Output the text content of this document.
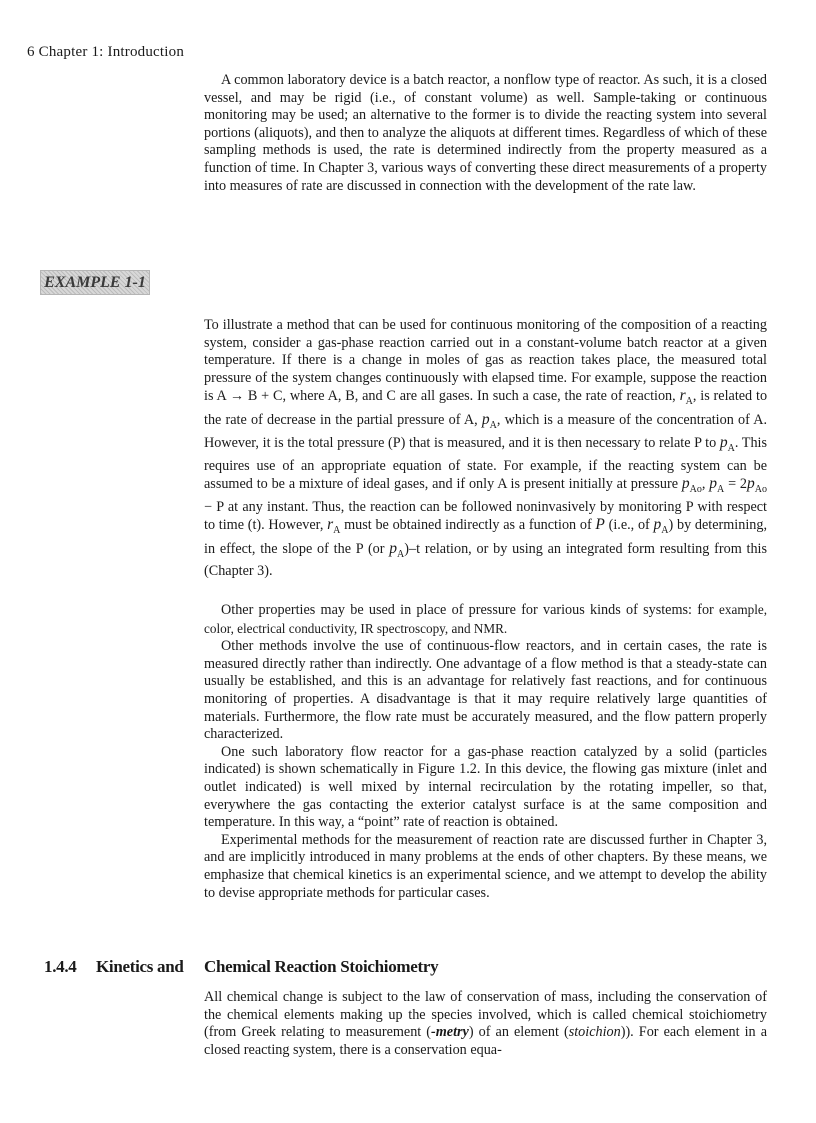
6 Chapter 1: Introduction

A common laboratory device is a batch reactor, a nonflow type of reactor. As such, it is a closed vessel, and may be rigid (i.e., of constant volume) as well. Sample-taking or continuous monitoring may be used; an alternative to the former is to divide the reacting system into several portions (aliquots), and then to analyze the aliquots at different times. Regardless of which of these sampling methods is used, the rate is determined indirectly from the property measured as a function of time. In Chapter 3, various ways of converting these direct measurements of a property into measures of rate are discussed in connection with the development of the rate law.

EXAMPLE 1-1

To illustrate a method that can be used for continuous monitoring of the composition of a reacting system, consider a gas-phase reaction carried out in a constant-volume batch reactor at a given temperature. If there is a change in moles of gas as reaction takes place, the measured total pressure of the system changes continuously with elapsed time. For example, suppose the reaction is A → B + C, where A, B, and C are all gases. In such a case, the rate of reaction, $r_A$, is related to the rate of decrease in the partial pressure of A, $p_A$, which is a measure of the concentration of A. However, it is the total pressure (P) that is measured, and it is then necessary to relate P to $p_A$. This requires use of an appropriate equation of state. For example, if the reacting system can be assumed to be a mixture of ideal gases, and if only A is present initially at pressure $p_{Ao}$, $p_A = 2p_{Ao} - P$ at any instant. Thus, the reaction can be followed noninvasively by monitoring P with respect to time (t). However, $r_A$ must be obtained indirectly as a function of P (i.e., of $p_A$) by determining, in effect, the slope of the P (or $p_A)-t$ relation, or by using an integrated form resulting from this (Chapter 3).

Other properties may be used in place of pressure for various kinds of systems: for example, color, electrical conductivity, IR spectroscopy, and NMR.

Other methods involve the use of continuous-flow reactors, and in certain cases, the rate is measured directly rather than indirectly. One advantage of a flow method is that a steady-state can usually be established, and this is an advantage for relatively fast reactions, and for continuous monitoring of properties. A disadvantage is that it may require relatively large quantities of materials. Furthermore, the flow rate must be accurately measured, and the flow pattern properly characterized.

One such laboratory flow reactor for a gas-phase reaction catalyzed by a solid (particles indicated) is shown schematically in Figure 1.2. In this device, the flowing gas mixture (inlet and outlet indicated) is well mixed by internal recirculation by the rotating impeller, so that, everywhere the gas contacting the exterior catalyst surface is at the same composition and temperature. In this way, a “point” rate of reaction is obtained.

Experimental methods for the measurement of reaction rate are discussed further in Chapter 3, and are implicitly introduced in many problems at the ends of other chapters. By these means, we emphasize that chemical kinetics is an experimental science, and we attempt to develop the ability to devise appropriate methods for particular cases.

1.4.4 Kinetics and Chemical Reaction Stoichiometry

All chemical change is subject to the law of conservation of mass, including the conservation of the chemical elements making up the species involved, which is called chemical stoichiometry (from Greek relating to measurement (-metry) of an element (stoichion)). For each element in a closed reacting system, there is a conservation equa-
